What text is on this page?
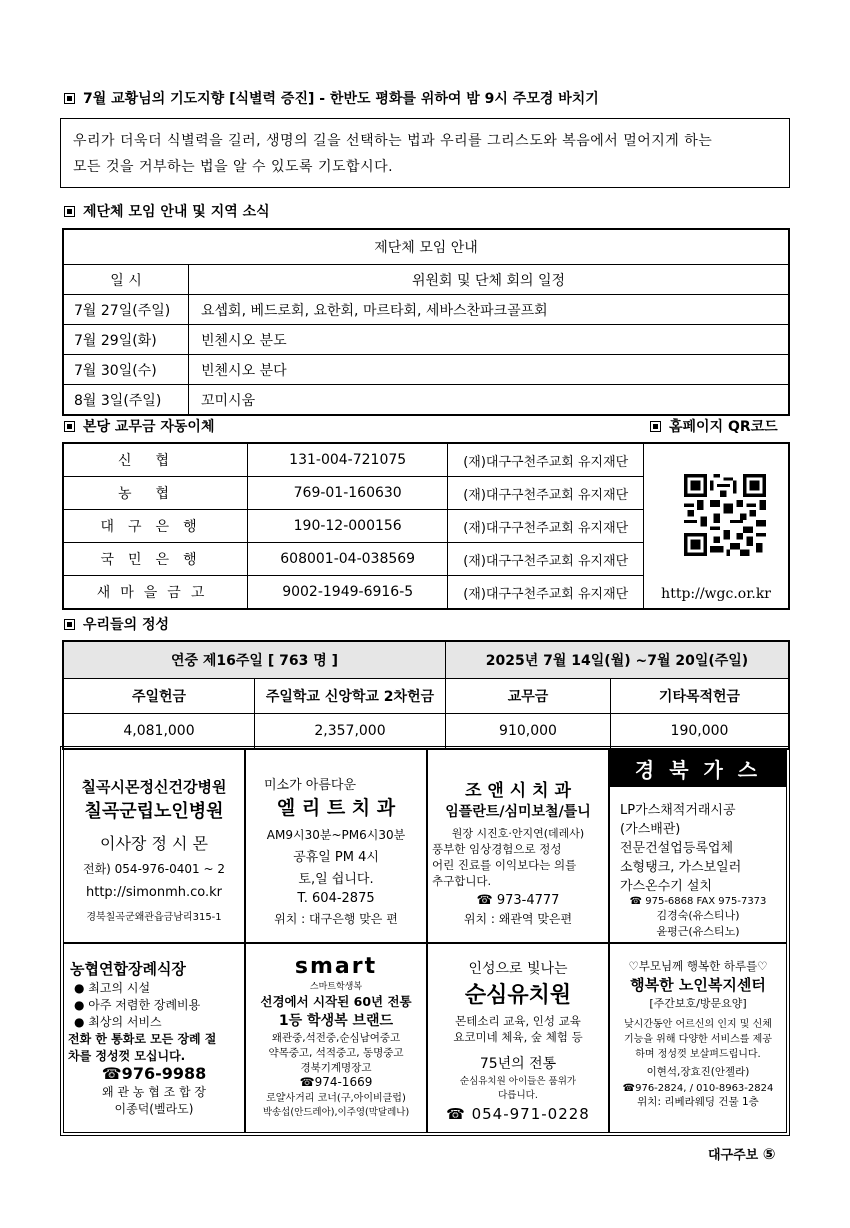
7월 교황님의 기도지향 [식별력 증진] - 한반도 평화를 위하여 밤 9시 주모경 바치기
우리가 더욱더 식별력을 길러, 생명의 길을 선택하는 법과 우리를 그리스도와 복음에서 멀어지게 하는
모든 것을 거부하는 법을 알 수 있도록 기도합시다.
제단체 모임 안내 및 지역 소식
제단체 모임 안내	
일 시	위원회 및 단체 회의 일정
7월 27일(주일)	요셉회, 베드로회, 요한회, 마르타회, 세바스찬파크골프회
7월 29일(화)	빈첸시오 분도
7월 30일(수)	빈첸시오 분다
8월 3일(주일)	꼬미시움
본당 교무금 자동이체	홈페이지 QR코드
신협	131-004-721075	(재)대구구천주교회 유지재단	http://wgc.or.kr
농협	769-01-160630	(재)대구구천주교회 유지재단	
대구은행	190-12-000156	(재)대구구천주교회 유지재단	
국민은행	608001-04-038569	(재)대구구천주교회 유지재단	
새마을금고	9002-1949-6916-5	(재)대구구천주교회 유지재단	
우리들의 정성
연중 제16주일 [ 763 명 ]		2025년 7월 14일(월) ~7월 20일(주일)	
주일헌금	주일학교 신앙학교 2차헌금	교무금	기타목적헌금
4,081,000	2,357,000	910,000	190,000
칠곡시몬정신건강병원
칠곡군립노인병원
이사장 정 시 몬
전화) 054-976-0401 ~ 2
http://simonmh.co.kr
경북칠곡군왜관읍금남리315-1
미소가 아름다운
엘 리 트 치 과
AM9시30분~PM6시30분
공휴일 PM 4시
토,일 쉽니다.
T. 604-2875
위치 : 대구은행 맞은 편
조 앤 시 치 과
임플란트/심미보철/틀니
원장 시진호·안지연(데레사)
풍부한 임상경험으로 정성
어린 진료를 이익보다는 의를
추구합니다.
☎ 973-4777
위치 : 왜관역 맞은편
경 북 가 스
LP가스채적거래시공
(가스배관)
전문건설업등록업체
소형탱크, 가스보일러
가스온수기 설치
☎ 975-6868 FAX 975-7373
김경숙(유스티나)
윤평근(유스티노)
농협연합장례식장
● 최고의 시설
● 아주 저렴한 장례비용
● 최상의 서비스
전화 한 통화로 모든 장례 절
차를 정성껏 모십니다.
☎976-9988
왜 관 농 협 조 합 장
이종덕(벨라도)
smart
스마트학생복
선경에서 시작된 60년 전통
1등 학생복 브랜드
왜관중,석전중,순심남여중고
약목중고, 석적중고, 동명중고
경북기계명장고
☎974-1669
로얄사거리 코너(구,아이비클럽)
박송섭(안드레아),이주영(막달레나)
인성으로 빛나는
순심유치원
몬테소리 교육, 인성 교육
요코미네 체육, 숲 체험 등
75년의 전통
순심유치원 아이들은 품위가
다릅니다.
☎ 054-971-0228
♡부모님께 행복한 하루를♡
행복한 노인복지센터
[주간보호/방문요양]
낮시간동안 어르신의 인지 및 신체
기능을 위해 다양한 서비스를 제공
하며 정성껏 보살펴드립니다.
이현석,장효진(안젤라)
☎976-2824, / 010-8963-2824
위치: 리베라웨딩 건물 1층
대구주보 ⑤
